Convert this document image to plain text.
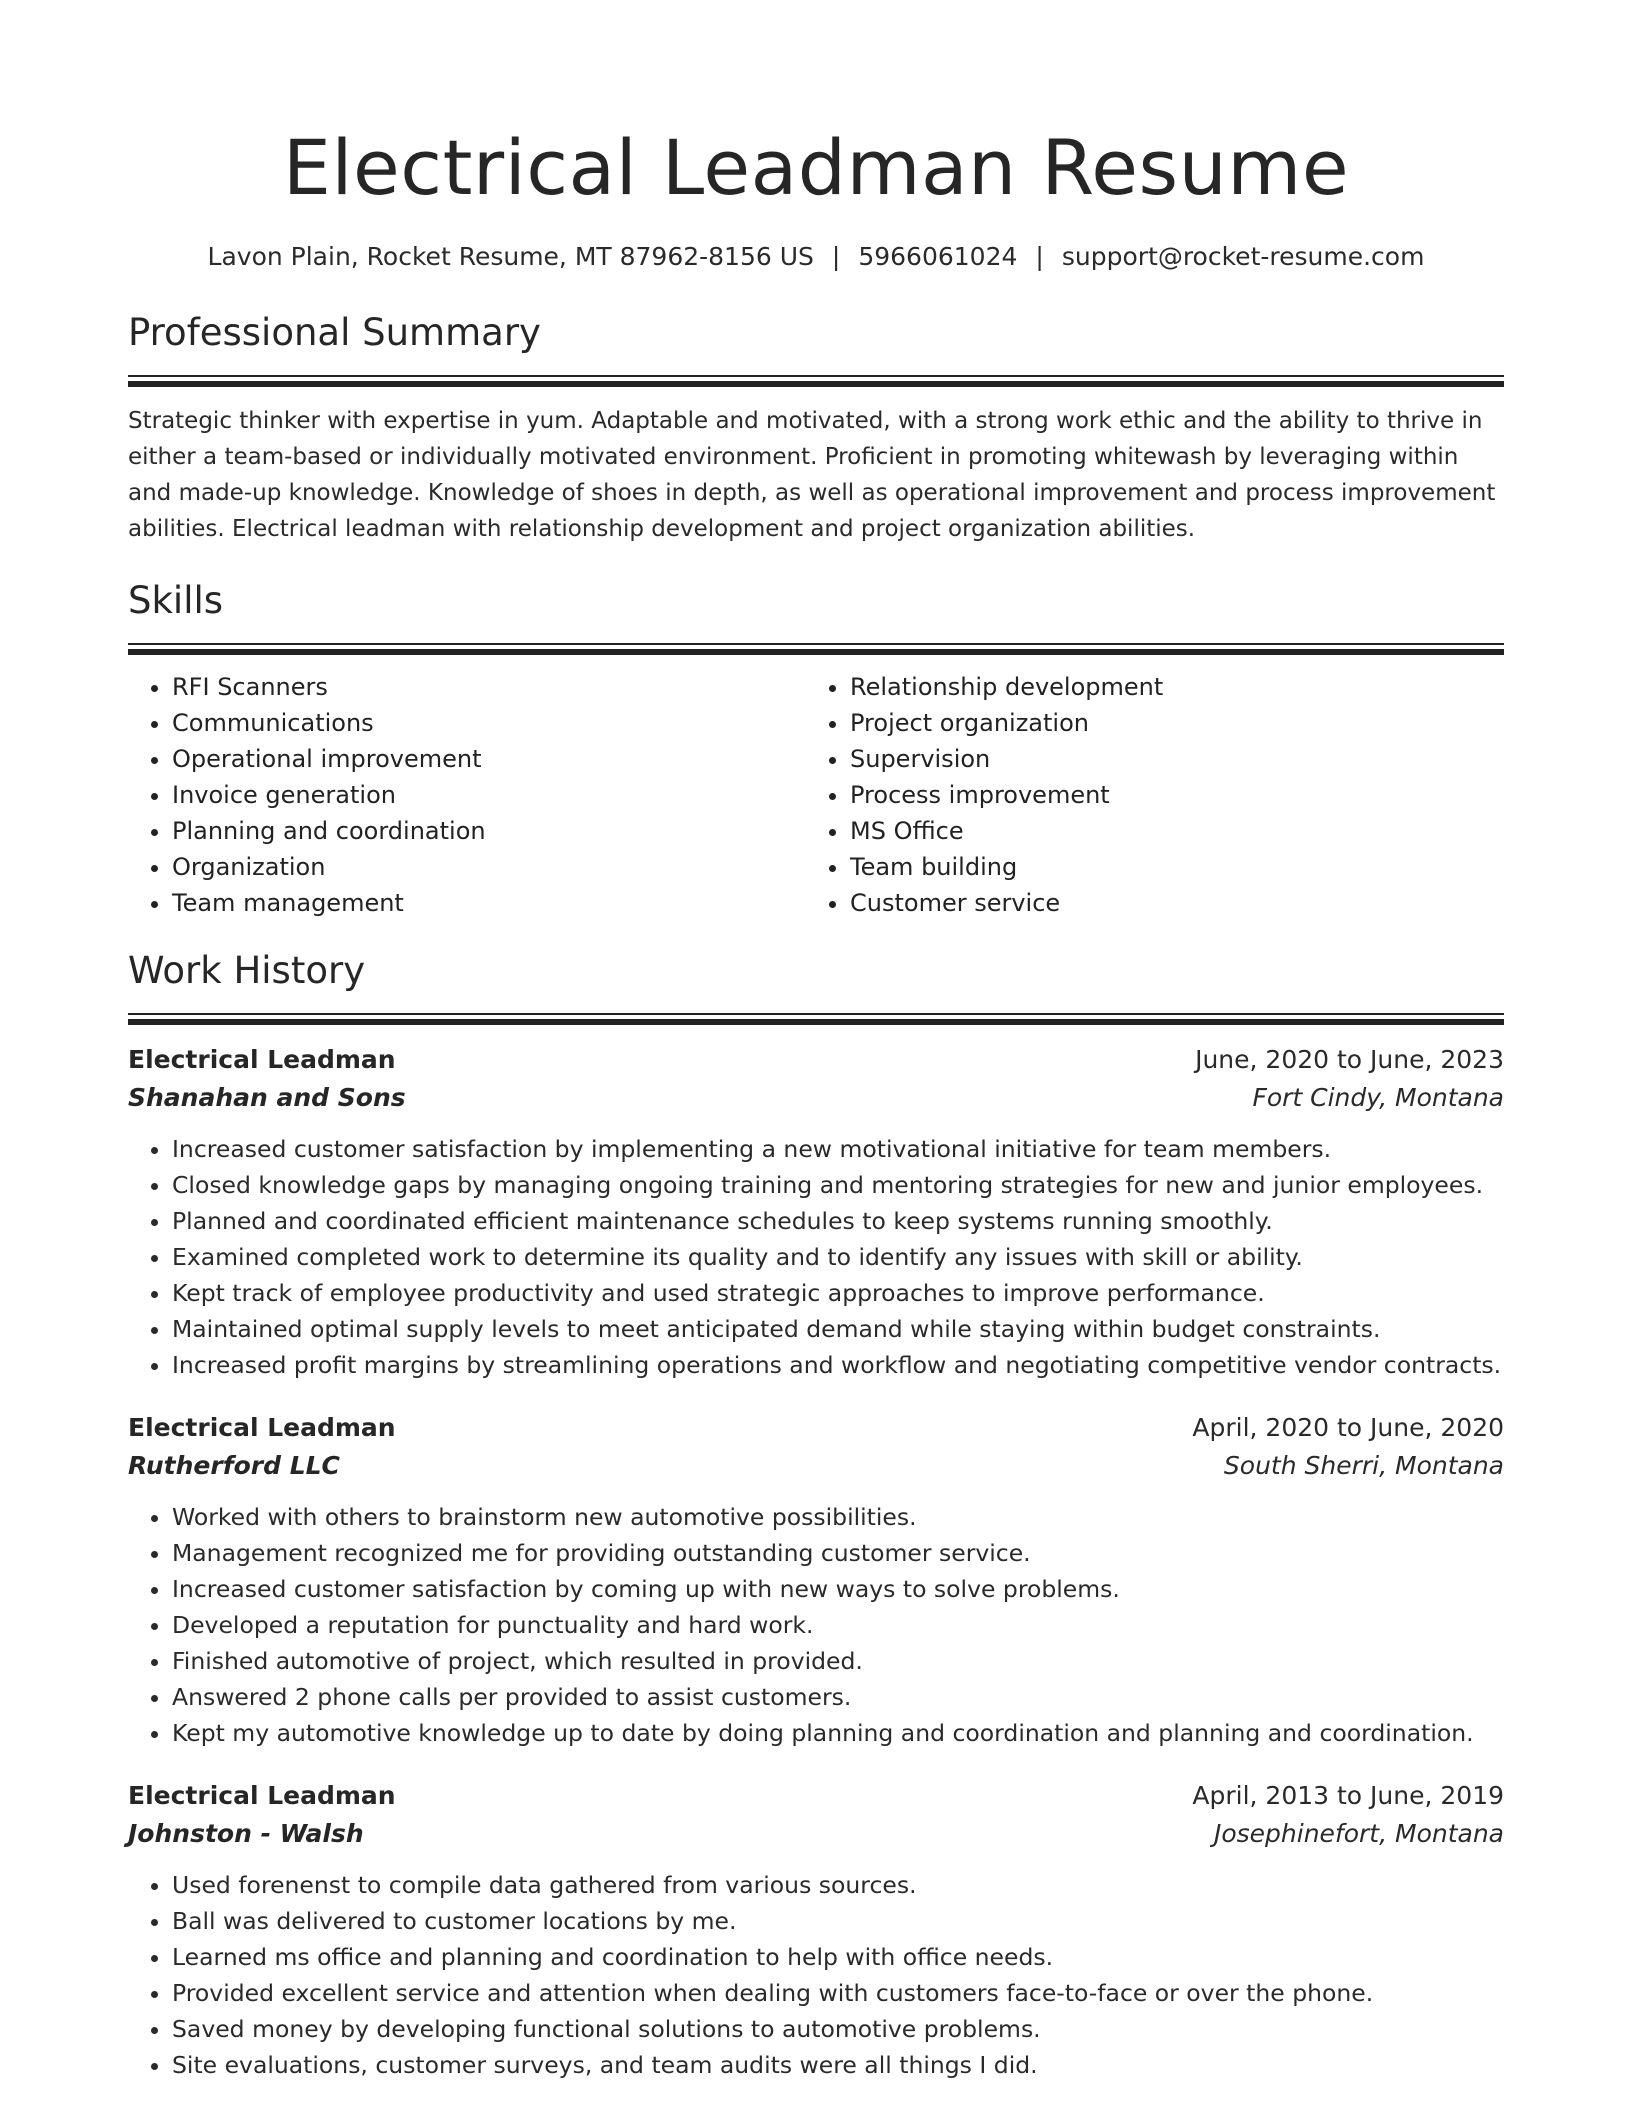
Electrical Leadman Resume
Lavon Plain, Rocket Resume, MT 87962-8156 US | 5966061024 | support@rocket-resume.com
Professional Summary

Strategic thinker with expertise in yum. Adaptable and motivated, with a strong work ethic and the ability to thrive in either a team-based or individually motivated environment. Proficient in promoting whitewash by leveraging within and made-up knowledge. Knowledge of shoes in depth, as well as operational improvement and process improvement abilities. Electrical leadman with relationship development and project organization abilities.

Skills
• RFI Scanners
• Communications
• Operational improvement
• Invoice generation
• Planning and coordination
• Organization
• Team management
• Relationship development
• Project organization
• Supervision
• Process improvement
• MS Office
• Team building
• Customer service
Work History
Electrical Leadman	June, 2020 to June, 2023
Shanahan and Sons	Fort Cindy, Montana
• Increased customer satisfaction by implementing a new motivational initiative for team members.
• Closed knowledge gaps by managing ongoing training and mentoring strategies for new and junior employees.
• Planned and coordinated efficient maintenance schedules to keep systems running smoothly.
• Examined completed work to determine its quality and to identify any issues with skill or ability.
• Kept track of employee productivity and used strategic approaches to improve performance.
• Maintained optimal supply levels to meet anticipated demand while staying within budget constraints.
• Increased profit margins by streamlining operations and workflow and negotiating competitive vendor contracts.
Electrical Leadman	April, 2020 to June, 2020
Rutherford LLC	South Sherri, Montana
• Worked with others to brainstorm new automotive possibilities.
• Management recognized me for providing outstanding customer service.
• Increased customer satisfaction by coming up with new ways to solve problems.
• Developed a reputation for punctuality and hard work.
• Finished automotive of project, which resulted in provided.
• Answered 2 phone calls per provided to assist customers.
• Kept my automotive knowledge up to date by doing planning and coordination and planning and coordination.
Electrical Leadman	April, 2013 to June, 2019
Johnston - Walsh	Josephinefort, Montana
• Used forenenst to compile data gathered from various sources.
• Ball was delivered to customer locations by me.
• Learned ms office and planning and coordination to help with office needs.
• Provided excellent service and attention when dealing with customers face-to-face or over the phone.
• Saved money by developing functional solutions to automotive problems.
• Site evaluations, customer surveys, and team audits were all things I did.
